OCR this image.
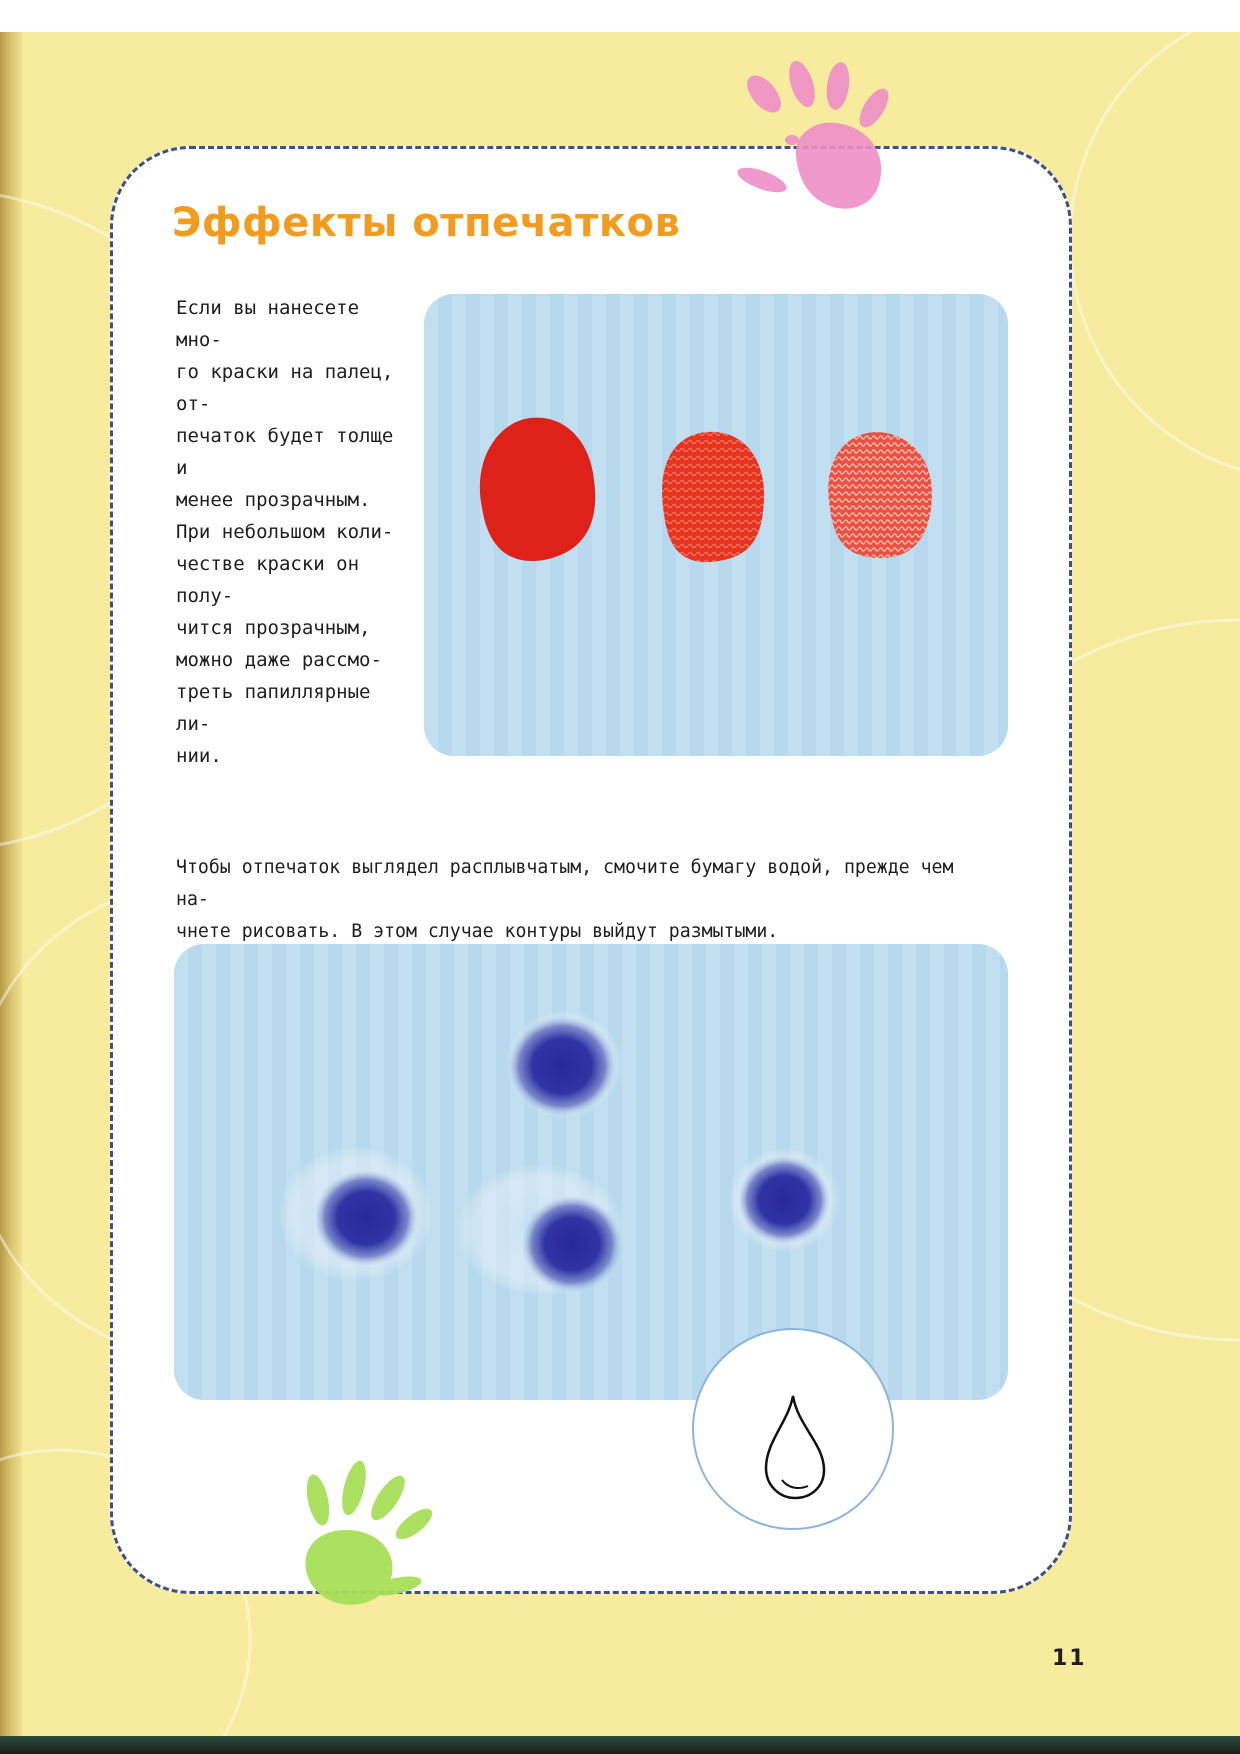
Эффекты отпечатков

Если вы нанесете мно-
го краски на палец, от-
печаток будет толще и
менее прозрачным.
При небольшом коли-
честве краски он полу-
чится прозрачным,
можно даже рассмо-
треть папиллярные ли-
нии.

Чтобы отпечаток выглядел расплывчатым, смочите бумагу водой, прежде чем на-
чнете рисовать. В этом случае контуры выйдут размытыми.

11
